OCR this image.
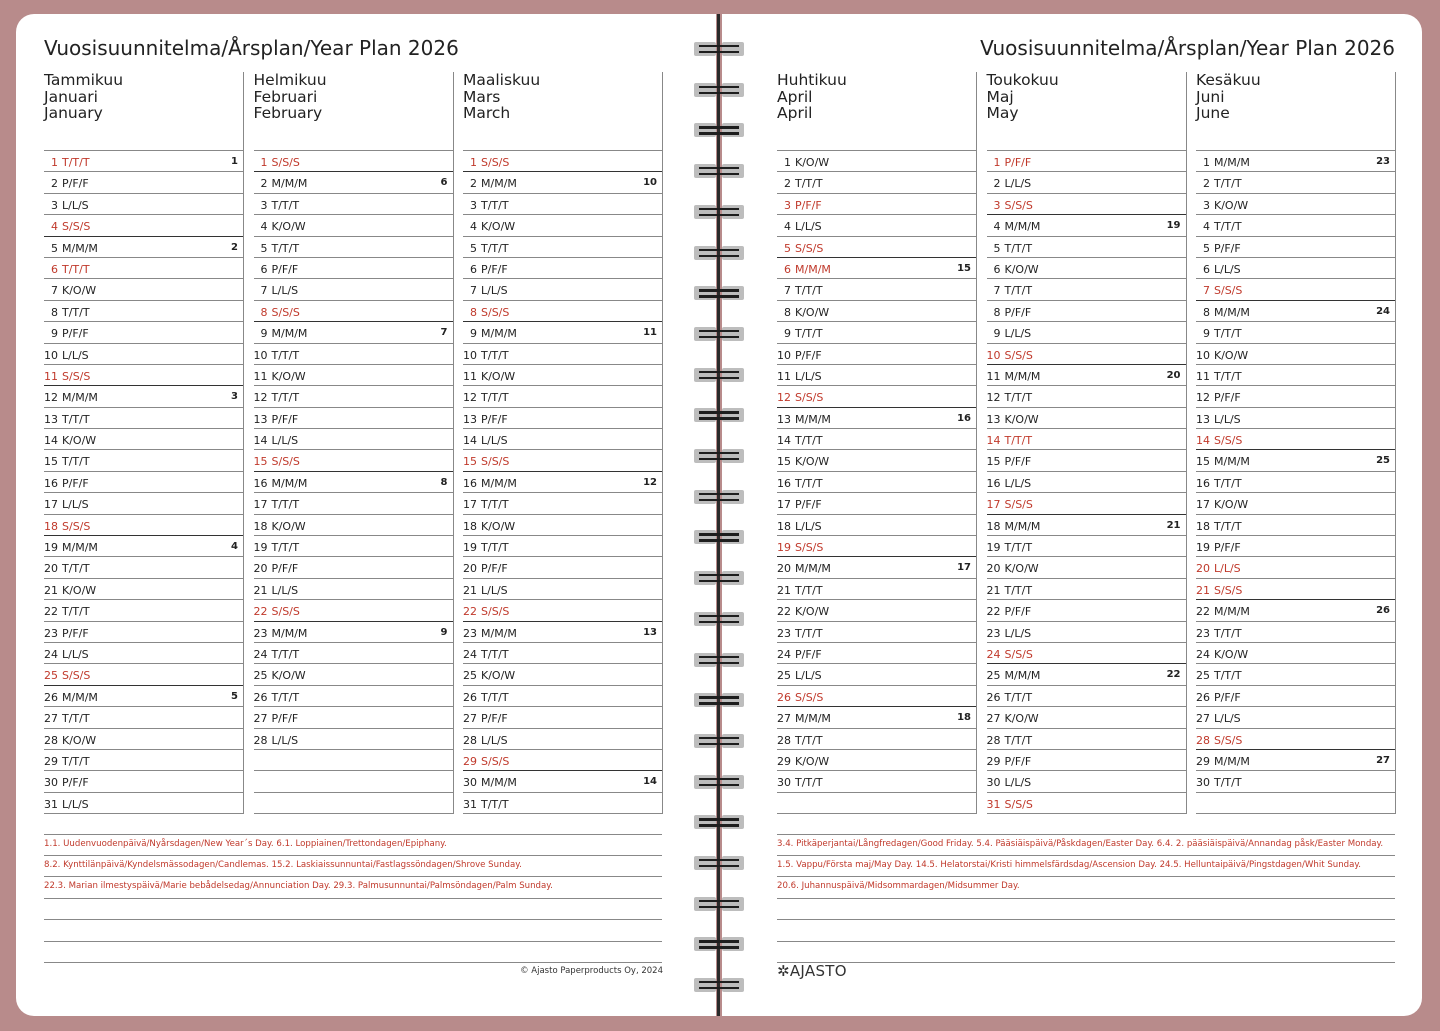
Vuosisuunnitelma/Årsplan/Year Plan 2026
Tammikuu
Januari
January
1 T/T/T	1
2 P/F/F
3 L/L/S
4 S/S/S
5 M/M/M	2
6 T/T/T
7 K/O/W
8 T/T/T
9 P/F/F
10 L/L/S
11 S/S/S
12 M/M/M	3
13 T/T/T
14 K/O/W
15 T/T/T
16 P/F/F
17 L/L/S
18 S/S/S
19 M/M/M	4
20 T/T/T
21 K/O/W
22 T/T/T
23 P/F/F
24 L/L/S
25 S/S/S
26 M/M/M	5
27 T/T/T
28 K/O/W
29 T/T/T
30 P/F/F
31 L/L/S
Helmikuu
Februari
February
1 S/S/S
2 M/M/M	6
3 T/T/T
4 K/O/W
5 T/T/T
6 P/F/F
7 L/L/S
8 S/S/S
9 M/M/M	7
10 T/T/T
11 K/O/W
12 T/T/T
13 P/F/F
14 L/L/S
15 S/S/S
16 M/M/M	8
17 T/T/T
18 K/O/W
19 T/T/T
20 P/F/F
21 L/L/S
22 S/S/S
23 M/M/M	9
24 T/T/T
25 K/O/W
26 T/T/T
27 P/F/F
28 L/L/S
Maaliskuu
Mars
March
1 S/S/S
2 M/M/M	10
3 T/T/T
4 K/O/W
5 T/T/T
6 P/F/F
7 L/L/S
8 S/S/S
9 M/M/M	11
10 T/T/T
11 K/O/W
12 T/T/T
13 P/F/F
14 L/L/S
15 S/S/S
16 M/M/M	12
17 T/T/T
18 K/O/W
19 T/T/T
20 P/F/F
21 L/L/S
22 S/S/S
23 M/M/M	13
24 T/T/T
25 K/O/W
26 T/T/T
27 P/F/F
28 L/L/S
29 S/S/S
30 M/M/M	14
31 T/T/T
1.1. Uudenvuodenpäivä/Nyårsdagen/New Year´s Day. 6.1. Loppiainen/Trettondagen/Epiphany.
8.2. Kynttilänpäivä/Kyndelsmässodagen/Candlemas. 15.2. Laskiaissunnuntai/Fastlagssöndagen/Shrove Sunday.
22.3. Marian ilmestyspäivä/Marie bebådelsedag/Annunciation Day. 29.3. Palmusunnuntai/Palmsöndagen/Palm Sunday.
© Ajasto Paperproducts Oy, 2024
Vuosisuunnitelma/Årsplan/Year Plan 2026
Huhtikuu
April
April
1 K/O/W
2 T/T/T
3 P/F/F
4 L/L/S
5 S/S/S
6 M/M/M	15
7 T/T/T
8 K/O/W
9 T/T/T
10 P/F/F
11 L/L/S
12 S/S/S
13 M/M/M	16
14 T/T/T
15 K/O/W
16 T/T/T
17 P/F/F
18 L/L/S
19 S/S/S
20 M/M/M	17
21 T/T/T
22 K/O/W
23 T/T/T
24 P/F/F
25 L/L/S
26 S/S/S
27 M/M/M	18
28 T/T/T
29 K/O/W
30 T/T/T
Toukokuu
Maj
May
1 P/F/F
2 L/L/S
3 S/S/S
4 M/M/M	19
5 T/T/T
6 K/O/W
7 T/T/T
8 P/F/F
9 L/L/S
10 S/S/S
11 M/M/M	20
12 T/T/T
13 K/O/W
14 T/T/T
15 P/F/F
16 L/L/S
17 S/S/S
18 M/M/M	21
19 T/T/T
20 K/O/W
21 T/T/T
22 P/F/F
23 L/L/S
24 S/S/S
25 M/M/M	22
26 T/T/T
27 K/O/W
28 T/T/T
29 P/F/F
30 L/L/S
31 S/S/S
Kesäkuu
Juni
June
1 M/M/M	23
2 T/T/T
3 K/O/W
4 T/T/T
5 P/F/F
6 L/L/S
7 S/S/S
8 M/M/M	24
9 T/T/T
10 K/O/W
11 T/T/T
12 P/F/F
13 L/L/S
14 S/S/S
15 M/M/M	25
16 T/T/T
17 K/O/W
18 T/T/T
19 P/F/F
20 L/L/S
21 S/S/S
22 M/M/M	26
23 T/T/T
24 K/O/W
25 T/T/T
26 P/F/F
27 L/L/S
28 S/S/S
29 M/M/M	27
30 T/T/T
3.4. Pitkäperjantai/Långfredagen/Good Friday. 5.4. Pääsiäispäivä/Påskdagen/Easter Day. 6.4. 2. pääsiäispäivä/Annandag påsk/Easter Monday.
1.5. Vappu/Första maj/May Day. 14.5. Helatorstai/Kristi himmelsfärdsdag/Ascension Day. 24.5. Helluntaipäivä/Pingstdagen/Whit Sunday.
20.6. Juhannuspäivä/Midsommardagen/Midsummer Day.
✲AJASTO
